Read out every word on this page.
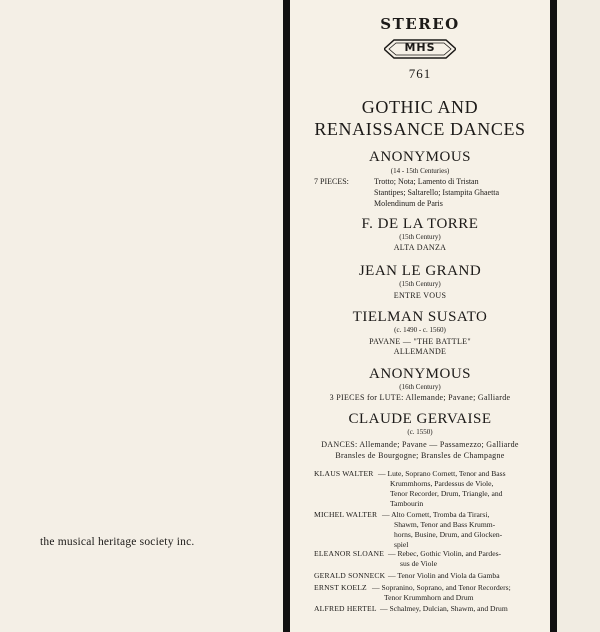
the musical heritage society inc.
STEREO
MHS
761
GOTHIC AND
RENAISSANCE DANCES
ANONYMOUS
(14 - 15th Centuries)
7 PIECES:	Trotto; Nota; Lamento di Tristan
Stantipes; Saltarello; Istampita Ghaetta
Molendinum de Paris
F. DE LA TORRE
(15th Century)
ALTA DANZA
JEAN LE GRAND
(15th Century)
ENTRE VOUS
TIELMAN SUSATO
(c. 1490 - c. 1560)
PAVANE — "THE BATTLE"
ALLEMANDE
ANONYMOUS
(16th Century)
3 PIECES for LUTE: Allemande; Pavane; Galliarde
CLAUDE GERVAISE
(c. 1550)
DANCES: Allemande; Pavane — Passamezzo; Galliarde
Bransles de Bourgogne; Bransles de Champagne
KLAUS WALTER — Lute, Soprano Cornett, Tenor and Bass
Krummhorns, Pardessus de Viole,
Tenor Recorder, Drum, Triangle, and
Tambourin
MICHEL WALTER — Alto Cornett, Tromba da Tirarsi,
Shawm, Tenor and Bass Krumm-
horns, Busine, Drum, and Glocken-
spiel
ELEANOR SLOANE — Rebec, Gothic Violin, and Pardes-
sus de Viole
GERALD SONNECK — Tenor Violin and Viola da Gamba
ERNST KOELZ — Sopranino, Soprano, and Tenor Recorders;
Tenor Krummhorn and Drum
ALFRED HERTEL — Schalmey, Dulcian, Shawm, and Drum
